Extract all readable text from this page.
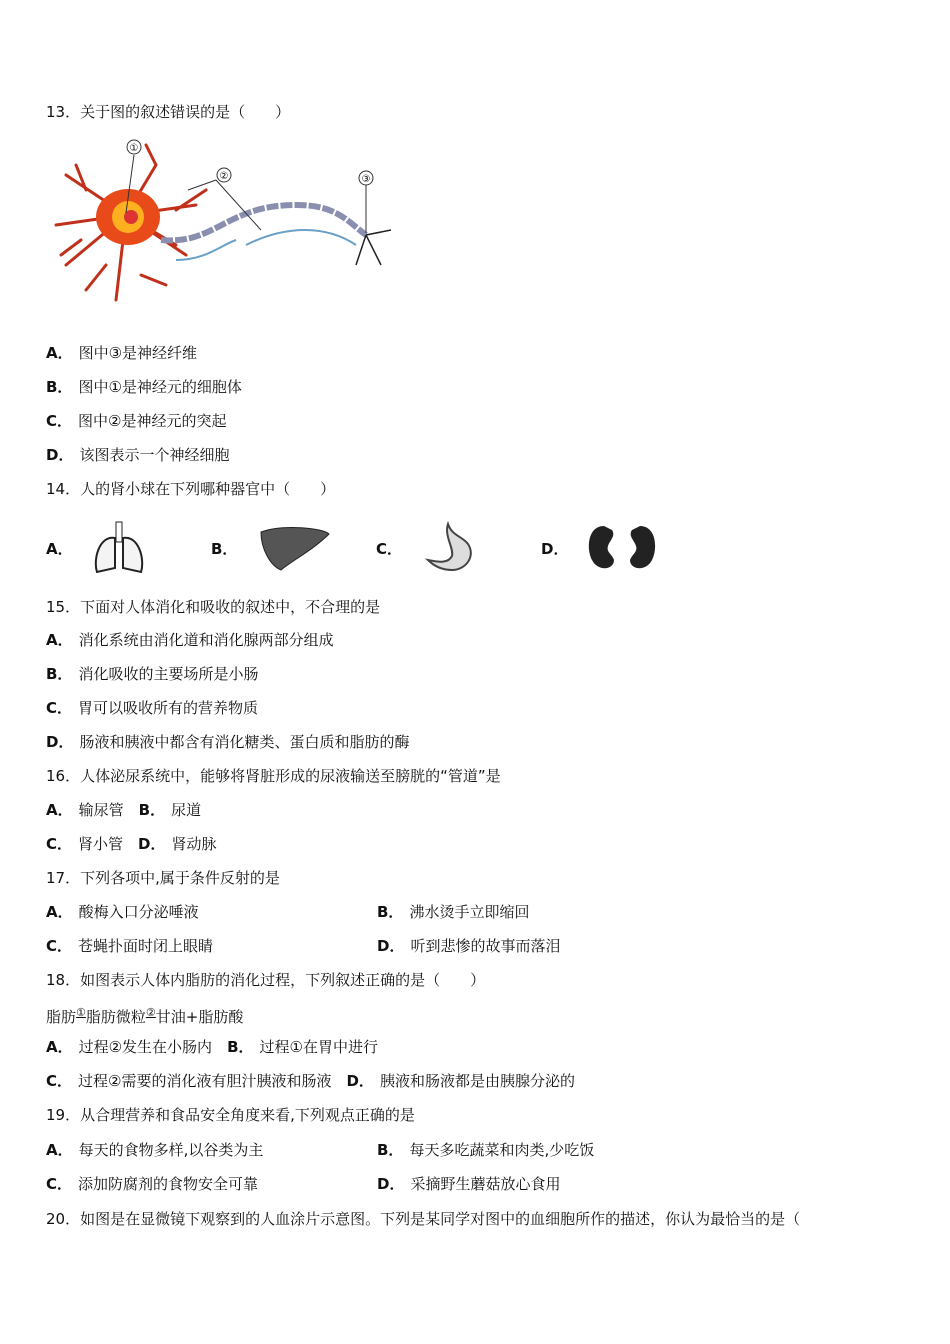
13．关于图的叙述错误的是（　　）
①
②	③
A． 图中③是神经纤维
B． 图中①是神经元的细胞体
C． 图中②是神经元的突起
D． 该图表示一个神经细胞
14．人的肾小球在下列哪种器官中（　　）
A．	B．	C．	D．
15．下面对人体消化和吸收的叙述中，不合理的是
A． 消化系统由消化道和消化腺两部分组成
B． 消化吸收的主要场所是小肠
C． 胃可以吸收所有的营养物质
D． 肠液和胰液中都含有消化糖类、蛋白质和脂肪的酶
16．人体泌尿系统中，能够将肾脏形成的尿液输送至膀胱的“管道”是
A． 输尿管　 B． 尿道
C． 肾小管　 D． 肾动脉
17．下列各项中,属于条件反射的是
A． 酸梅入口分泌唾液	B． 沸水烫手立即缩回
C． 苍蝇扑面时闭上眼睛	D． 听到悲惨的故事而落泪
18．如图表示人体内脂肪的消化过程，下列叙述正确的是（　　）
脂肪①脂肪微粒②甘油+脂肪酸
A． 过程②发生在小肠内　 B． 过程①在胃中进行
C． 过程②需要的消化液有胆汁胰液和肠液　 D． 胰液和肠液都是由胰腺分泌的
19．从合理营养和食品安全角度来看,下列观点正确的是
A． 每天的食物多样,以谷类为主	B． 每天多吃蔬菜和肉类,少吃饭
C． 添加防腐剂的食物安全可靠	D． 采摘野生蘑菇放心食用
20．如图是在显微镜下观察到的人血涂片示意图。下列是某同学对图中的血细胞所作的描述，你认为最恰当的是（
